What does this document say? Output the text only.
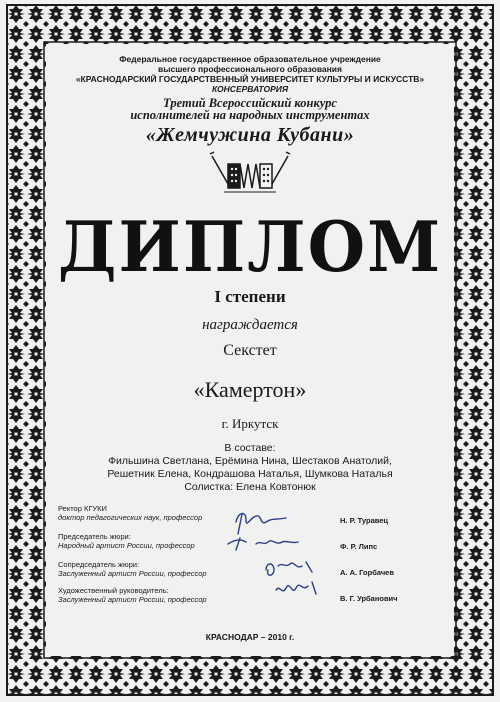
Федеральное государственное образовательное учреждение
высшего профессионального образования
«КРАСНОДАРСКИЙ ГОСУДАРСТВЕННЫЙ УНИВЕРСИТЕТ КУЛЬТУРЫ И ИСКУССТВ»
КОНСЕРВАТОРИЯ
Третий Всероссийский конкурс
исполнителей на народных инструментах
«Жемчужина Кубани»
ДИПЛОМ
I степени
награждается
Секстет
«Камертон»
г. Иркутск
В составе:
Фильшина Светлана, Ерёмина Нина, Шестаков Анатолий,
Решетник Елена, Кондрашова Наталья, Шумкова Наталья
Солистка: Елена Ковтонюк
Ректор КГУКИ
доктор педагогических наук, профессор	Н. Р. Туравец
Председатель жюри:
Народный артист России, профессор	Ф. Р. Липс
Сопредседатель жюри:
Заслуженный артист России, профессор	А. А. Горбачев
Художественный руководитель:
Заслуженный артист России, профессор	В. Г. Урбанович
КРАСНОДАР – 2010 г.
